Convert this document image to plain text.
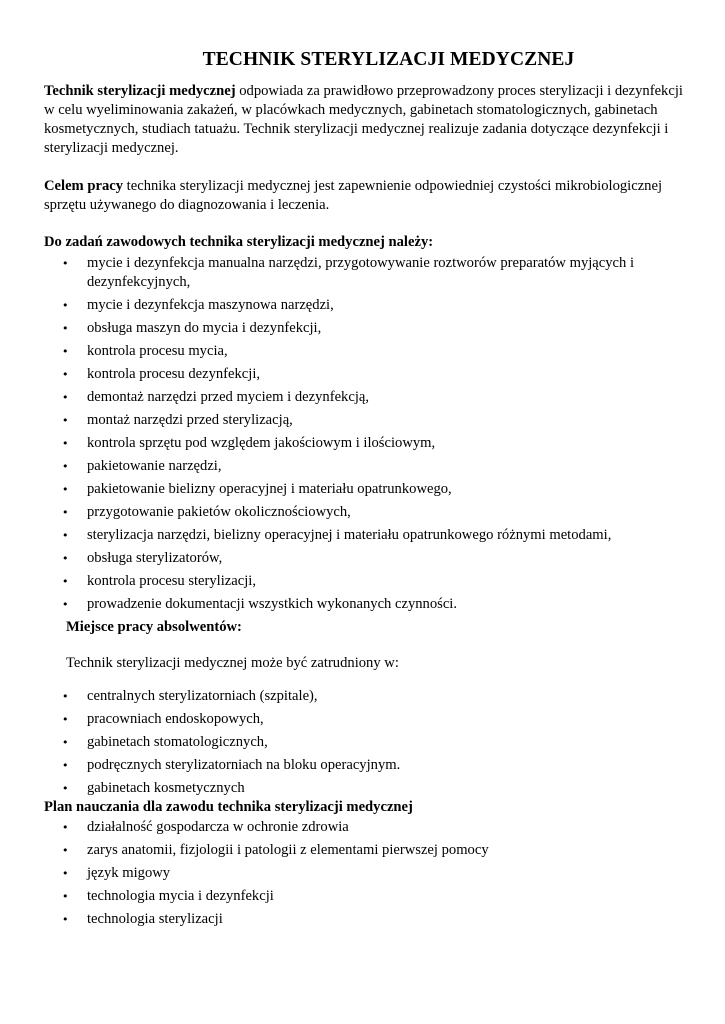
TECHNIK STERYLIZACJI MEDYCZNEJ

Technik sterylizacji medycznej odpowiada za prawidłowo przeprowadzony proces sterylizacji i dezynfekcji w celu wyeliminowania zakażeń, w placówkach medycznych, gabinetach stomatologicznych, gabinetach kosmetycznych, studiach tatuażu. Technik sterylizacji medycznej realizuje zadania dotyczące dezynfekcji i sterylizacji medycznej.

Celem pracy technika sterylizacji medycznej jest zapewnienie odpowiedniej czystości mikrobiologicznej sprzętu używanego do diagnozowania i leczenia.

Do zadań zawodowych technika sterylizacji medycznej należy:

• mycie i dezynfekcja manualna narzędzi, przygotowywanie roztworów preparatów myjących i dezynfekcyjnych,
• mycie i dezynfekcja maszynowa narzędzi,
• obsługa maszyn do mycia i dezynfekcji,
• kontrola procesu mycia,
• kontrola procesu dezynfekcji,
• demontaż narzędzi przed myciem i dezynfekcją,
• montaż narzędzi przed sterylizacją,
• kontrola sprzętu pod względem jakościowym i ilościowym,
• pakietowanie narzędzi,
• pakietowanie bielizny operacyjnej i materiału opatrunkowego,
• przygotowanie pakietów okolicznościowych,
• sterylizacja narzędzi, bielizny operacyjnej i materiału opatrunkowego różnymi metodami,
• obsługa sterylizatorów,
• kontrola procesu sterylizacji,
• prowadzenie dokumentacji wszystkich wykonanych czynności.

Miejsce pracy absolwentów:

Technik sterylizacji medycznej może być zatrudniony w:

• centralnych sterylizatorniach (szpitale),
• pracowniach endoskopowych,
• gabinetach stomatologicznych,
• podręcznych sterylizatorniach na bloku operacyjnym.
• gabinetach kosmetycznych

Plan nauczania dla zawodu technika sterylizacji medycznej

• działalność gospodarcza w ochronie zdrowia
• zarys anatomii, fizjologii i patologii z elementami pierwszej pomocy
• język migowy
• technologia mycia i dezynfekcji
• technologia sterylizacji
